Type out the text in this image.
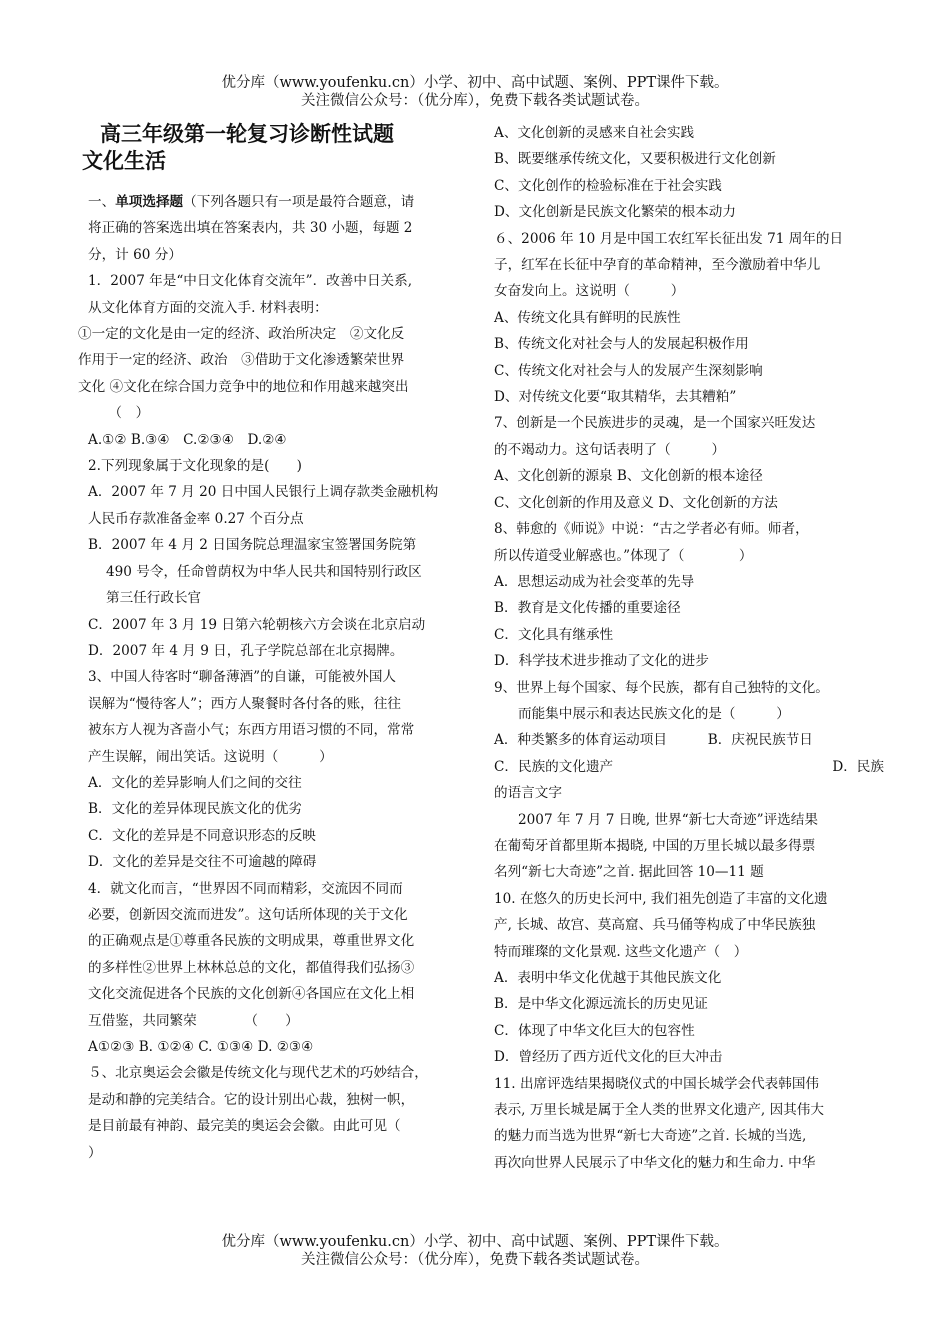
优分库（www.youfenku.cn）小学、初中、高中试题、案例、PPT课件下载。
关注微信公众号：（优分库），免费下载各类试题试卷。
高三年级第一轮复习诊断性试题
文化生活
一、单项选择题（下列各题只有一项是最符合题意，请
将正确的答案选出填在答案表内，共 30 小题，每题 2
分，计 60 分）
1．2007 年是“中日文化体育交流年”．改善中日关系,
从文化体育方面的交流入手. 材料表明：
①一定的文化是由一定的经济、政治所决定　②文化反
作用于一定的经济、政治　③借助于文化渗透繁荣世界
文化 ④文化在综合国力竞争中的地位和作用越来越突出
　　（　）
A.①② B.③④　C.②③④　D.②④
2.下列现象属于文化现象的是(　　)
A．2007 年 7 月 20 日中国人民银行上调存款类金融机构
人民币存款准备金率 0.27 个百分点
B．2007 年 4 月 2 日国务院总理温家宝签署国务院第
490 号令，任命曾荫权为中华人民共和国特别行政区
第三任行政长官
C．2007 年 3 月 19 日第六轮朝核六方会谈在北京启动
D．2007 年 4 月 9 日，孔子学院总部在北京揭牌。
3、中国人待客时“聊备薄酒”的自谦，可能被外国人
误解为“慢待客人”；西方人聚餐时各付各的账，往往
被东方人视为吝啬小气；东西方用语习惯的不同，常常
产生误解，闹出笑话。这说明（　　　）
A．文化的差异影响人们之间的交往
B．文化的差异体现民族文化的优劣
C．文化的差异是不同意识形态的反映
D．文化的差异是交往不可逾越的障碍
4．就文化而言，“世界因不同而精彩，交流因不同而
必要，创新因交流而进发”。这句话所体现的关于文化
的正确观点是①尊重各民族的文明成果，尊重世界文化
的多样性②世界上林林总总的文化，都值得我们弘扬③
文化交流促进各个民族的文化创新④各国应在文化上相
互借鉴，共同繁荣　　　　（　　）
A①②③ B. ①②④ C. ①③④ D. ②③④
５、北京奥运会会徽是传统文化与现代艺术的巧妙结合，
是动和静的完美结合。它的设计别出心裁，独树一帜，
是目前最有神韵、最完美的奥运会会徽。由此可见（
）
A、文化创新的灵感来自社会实践
B、既要继承传统文化，又要积极进行文化创新
C、文化创作的检验标准在于社会实践
D、文化创新是民族文化繁荣的根本动力
６、2006 年 10 月是中国工农红军长征出发 71 周年的日
子，红军在长征中孕育的革命精神，至今激励着中华儿
女奋发向上。这说明（　　　）
A、传统文化具有鲜明的民族性
B、传统文化对社会与人的发展起积极作用
C、传统文化对社会与人的发展产生深刻影响
D、对传统文化要“取其精华，去其糟粕”
7、创新是一个民族进步的灵魂，是一个国家兴旺发达
的不竭动力。这句话表明了（　　　）
A、文化创新的源泉 B、文化创新的根本途径
C、文化创新的作用及意义 D、文化创新的方法
8、韩愈的《师说》中说：“古之学者必有师。师者，
所以传道受业解惑也。”体现了（　　　　）
A．思想运动成为社会变革的先导
B．教育是文化传播的重要途径
C．文化具有继承性
D．科学技术进步推动了文化的进步
9、世界上每个国家、每个民族，都有自己独特的文化。
而能集中展示和表达民族文化的是（　　　）
A．种类繁多的体育运动项目　　　B．庆祝民族节日
C．民族的文化遗产	D．民族
的语言文字
2007 年 7 月 7 日晚, 世界“新七大奇迹”评选结果
在葡萄牙首都里斯本揭晓, 中国的万里长城以最多得票
名列“新七大奇迹”之首. 据此回答 10—11 题
10. 在悠久的历史长河中, 我们祖先创造了丰富的文化遗
产, 长城、故宫、莫高窟、兵马俑等构成了中华民族独
特而璀璨的文化景观. 这些文化遗产（　）
A．表明中华文化优越于其他民族文化
B．是中华文化源远流长的历史见证
C．体现了中华文化巨大的包容性
D．曾经历了西方近代文化的巨大冲击
11. 出席评选结果揭晓仪式的中国长城学会代表韩国伟
表示, 万里长城是属于全人类的世界文化遗产, 因其伟大
的魅力而当选为世界“新七大奇迹”之首. 长城的当选,
再次向世界人民展示了中华文化的魅力和生命力. 中华
优分库（www.youfenku.cn）小学、初中、高中试题、案例、PPT课件下载。
关注微信公众号：（优分库），免费下载各类试题试卷。
